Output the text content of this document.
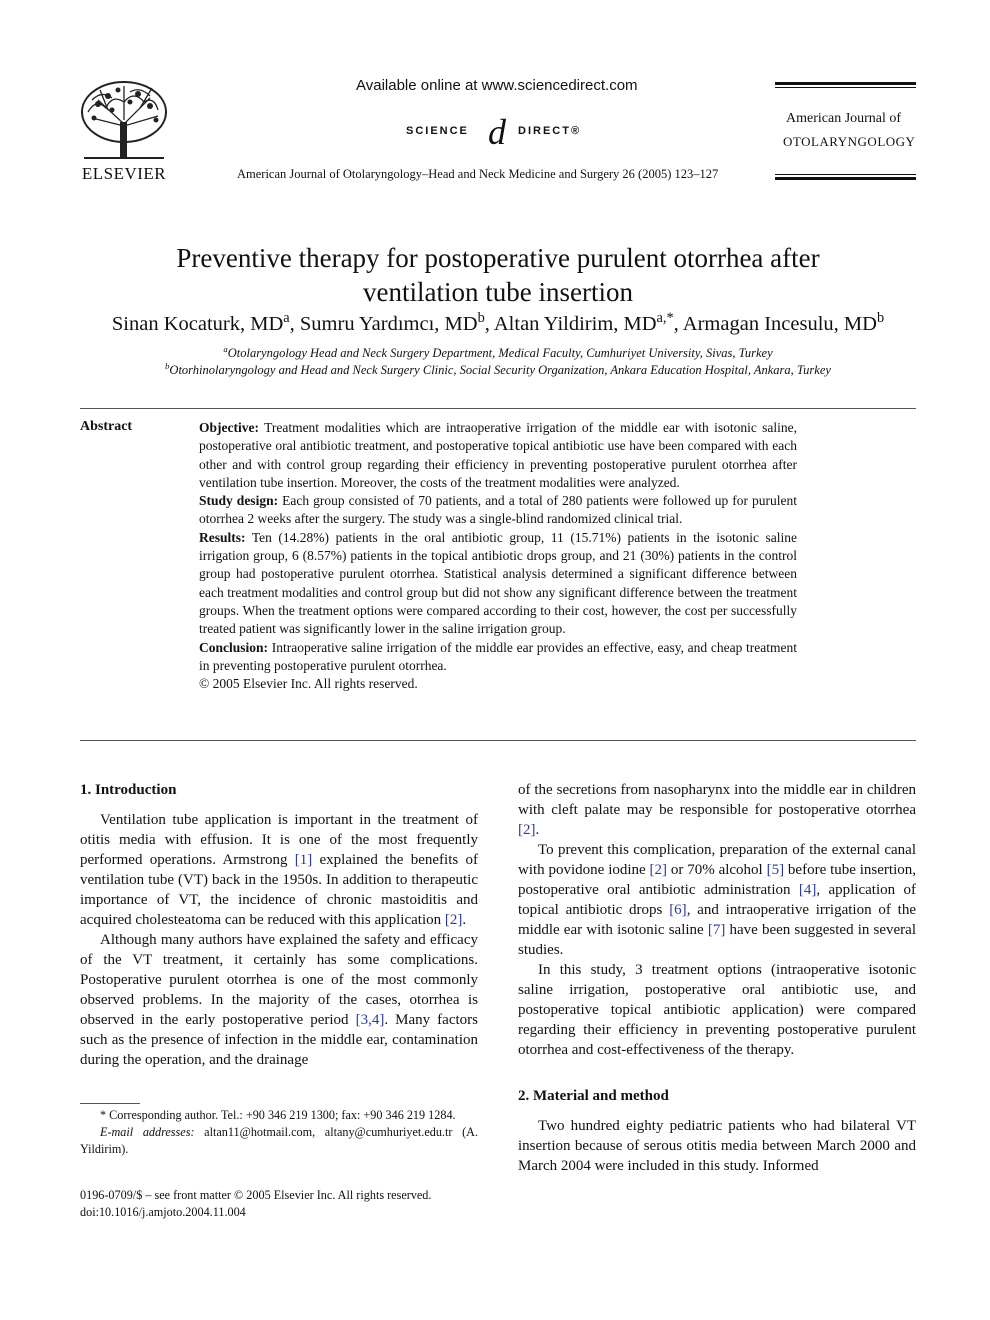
ELSEVIER
Available online at www.sciencedirect.com
SCIENCE d DIRECT®
American Journal of Otolaryngology–Head and Neck Medicine and Surgery 26 (2005) 123–127
American Journal of
OTOLARYNGOLOGY
Preventive therapy for postoperative purulent otorrhea after
ventilation tube insertion
Sinan Kocaturk, $MD^a$, Sumru Yardımcı, $MD^b$, Altan Yildirim, $MD^{a,*}$, Armagan Incesulu, $MD^b$
$^a$Otolaryngology Head and Neck Surgery Department, Medical Faculty, Cumhuriyet University, Sivas, Turkey
$^b$Otorhinolaryngology and Head and Neck Surgery Clinic, Social Security Organization, Ankara Education Hospital, Ankara, Turkey
Abstract	Objective: Treatment modalities which are intraoperative irrigation of the middle ear with isotonic saline, postoperative oral antibiotic treatment, and postoperative topical antibiotic use have been compared with each other and with control group regarding their efficiency in preventing postoperative purulent otorrhea after ventilation tube insertion. Moreover, the costs of the treatment modalities were analyzed.

Study design: Each group consisted of 70 patients, and a total of 280 patients were followed up for purulent otorrhea 2 weeks after the surgery. The study was a single-blind randomized clinical trial.

Results: Ten (14.28%) patients in the oral antibiotic group, 11 (15.71%) patients in the isotonic saline irrigation group, 6 (8.57%) patients in the topical antibiotic drops group, and 21 (30%) patients in the control group had postoperative purulent otorrhea. Statistical analysis determined a significant difference between each treatment modalities and control group but did not show any significant difference between the treatment groups. When the treatment options were compared according to their cost, however, the cost per successfully treated patient was significantly lower in the saline irrigation group.

Conclusion: Intraoperative saline irrigation of the middle ear provides an effective, easy, and cheap treatment in preventing postoperative purulent otorrhea.

© 2005 Elsevier Inc. All rights reserved.

1. Introduction

Ventilation tube application is important in the treatment of otitis media with effusion. It is one of the most frequently performed operations. Armstrong [1] explained the benefits of ventilation tube (VT) back in the 1950s. In addition to therapeutic importance of VT, the incidence of chronic mastoiditis and acquired cholesteatoma can be reduced with this application [2].

Although many authors have explained the safety and efficacy of the VT treatment, it certainly has some complications. Postoperative purulent otorrhea is one of the most commonly observed problems. In the majority of the cases, otorrhea is observed in the early postoperative period [3,4]. Many factors such as the presence of infection in the middle ear, contamination during the operation, and the drainage

of the secretions from nasopharynx into the middle ear in children with cleft palate may be responsible for postoperative otorrhea [2].

To prevent this complication, preparation of the external canal with povidone iodine [2] or 70% alcohol [5] before tube insertion, postoperative oral antibiotic administration [4], application of topical antibiotic drops [6], and intraoperative irrigation of the middle ear with isotonic saline [7] have been suggested in several studies.

In this study, 3 treatment options (intraoperative isotonic saline irrigation, postoperative oral antibiotic use, and postoperative topical antibiotic application) were compared regarding their efficiency in preventing postoperative purulent otorrhea and cost-effectiveness of the therapy.

2. Material and method

Two hundred eighty pediatric patients who had bilateral VT insertion because of serous otitis media between March 2000 and March 2004 were included in this study. Informed

* Corresponding author. Tel.: +90 346 219 1300; fax: +90 346 219 1284.

E-mail addresses: altan11@hotmail.com, altany@cumhuriyet.edu.tr (A. Yildirim).

0196-0709/$ – see front matter © 2005 Elsevier Inc. All rights reserved.
doi:10.1016/j.amjoto.2004.11.004
